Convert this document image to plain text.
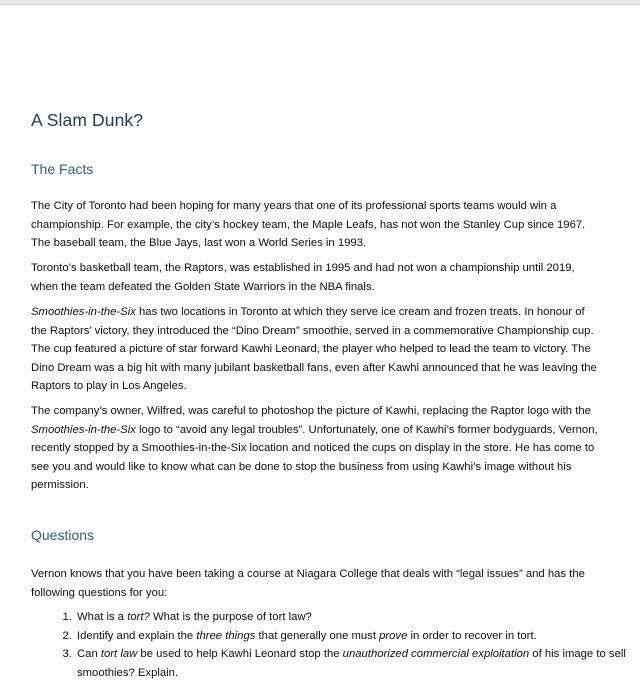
A Slam Dunk?
The Facts
The City of Toronto had been hoping for many years that one of its professional sports teams would win a championship. For example, the city’s hockey team, the Maple Leafs, has not won the Stanley Cup since 1967. The baseball team, the Blue Jays, last won a World Series in 1993.
Toronto’s basketball team, the Raptors, was established in 1995 and had not won a championship until 2019, when the team defeated the Golden State Warriors in the NBA finals.
Smoothies-in-the-Six has two locations in Toronto at which they serve ice cream and frozen treats. In honour of the Raptors’ victory, they introduced the “Dino Dream” smoothie, served in a commemorative Championship cup. The cup featured a picture of star forward Kawhi Leonard, the player who helped to lead the team to victory. The Dino Dream was a big hit with many jubilant basketball fans, even after Kawhi announced that he was leaving the Raptors to play in Los Angeles.
The company’s owner, Wilfred, was careful to photoshop the picture of Kawhi, replacing the Raptor logo with the Smoothies-in-the-Six logo to “avoid any legal troubles”. Unfortunately, one of Kawhi’s former bodyguards, Vernon, recently stopped by a Smoothies-in-the-Six location and noticed the cups on display in the store. He has come to see you and would like to know what can be done to stop the business from using Kawhi’s image without his permission.
Questions
Vernon knows that you have been taking a course at Niagara College that deals with “legal issues” and has the following questions for you:
1. What is a tort? What is the purpose of tort law?
2. Identify and explain the three things that generally one must prove in order to recover in tort.
3. Can tort law be used to help Kawhi Leonard stop the unauthorized commercial exploitation of his image to sell smoothies? Explain.
